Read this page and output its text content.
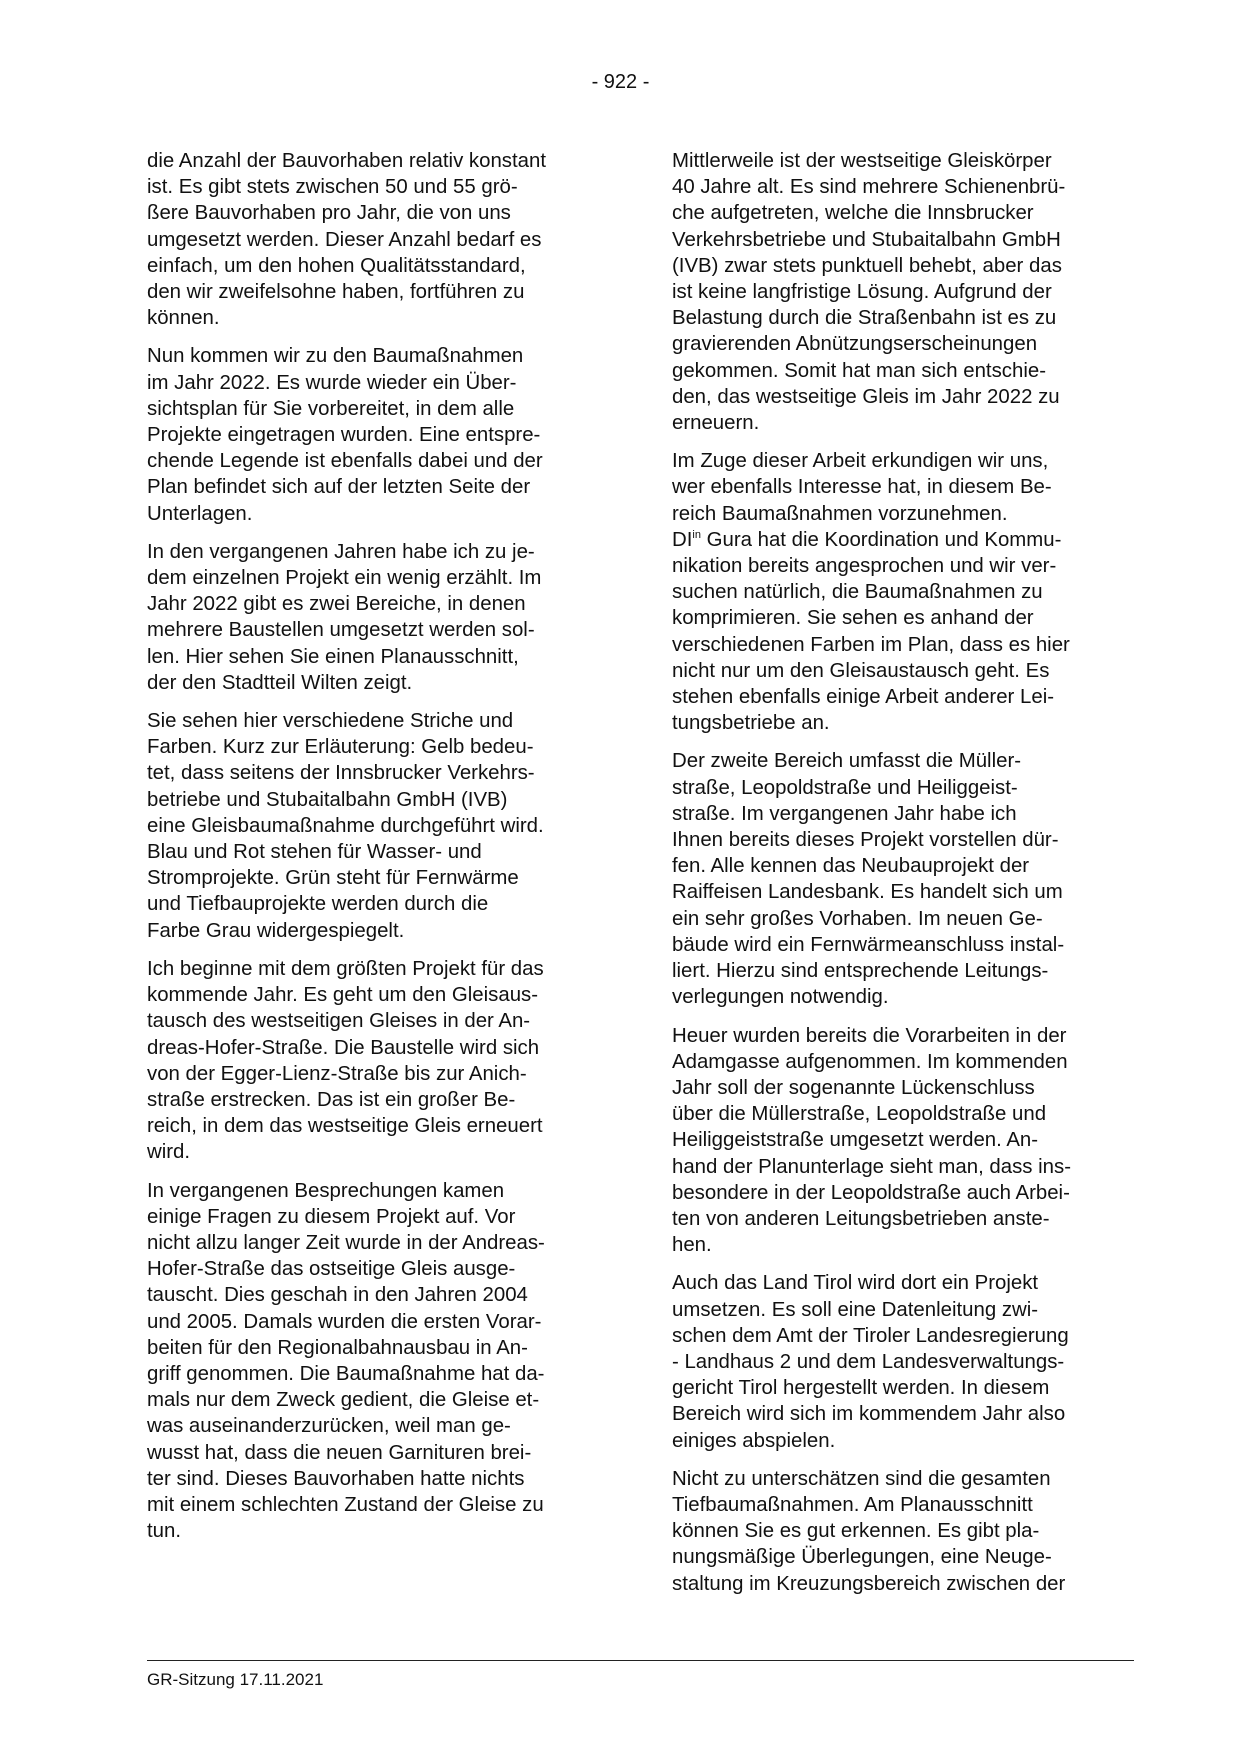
- 922 -

die Anzahl der Bauvorhaben relativ konstant
ist. Es gibt stets zwischen 50 und 55 grö-
ßere Bauvorhaben pro Jahr, die von uns
umgesetzt werden. Dieser Anzahl bedarf es
einfach, um den hohen Qualitätsstandard,
den wir zweifelsohne haben, fortführen zu
können.

Nun kommen wir zu den Baumaßnahmen
im Jahr 2022. Es wurde wieder ein Über-
sichtsplan für Sie vorbereitet, in dem alle
Projekte eingetragen wurden. Eine entspre-
chende Legende ist ebenfalls dabei und der
Plan befindet sich auf der letzten Seite der
Unterlagen.

In den vergangenen Jahren habe ich zu je-
dem einzelnen Projekt ein wenig erzählt. Im
Jahr 2022 gibt es zwei Bereiche, in denen
mehrere Baustellen umgesetzt werden sol-
len. Hier sehen Sie einen Planausschnitt,
der den Stadtteil Wilten zeigt.

Sie sehen hier verschiedene Striche und
Farben. Kurz zur Erläuterung: Gelb bedeu-
tet, dass seitens der Innsbrucker Verkehrs-
betriebe und Stubaitalbahn GmbH (IVB)
eine Gleisbaumaßnahme durchgeführt wird.
Blau und Rot stehen für Wasser- und
Stromprojekte. Grün steht für Fernwärme
und Tiefbauprojekte werden durch die
Farbe Grau widergespiegelt.

Ich beginne mit dem größten Projekt für das
kommende Jahr. Es geht um den Gleisaus-
tausch des westseitigen Gleises in der An-
dreas-Hofer-Straße. Die Baustelle wird sich
von der Egger-Lienz-Straße bis zur Anich-
straße erstrecken. Das ist ein großer Be-
reich, in dem das westseitige Gleis erneuert
wird.

In vergangenen Besprechungen kamen
einige Fragen zu diesem Projekt auf. Vor
nicht allzu langer Zeit wurde in der Andreas-
Hofer-Straße das ostseitige Gleis ausge-
tauscht. Dies geschah in den Jahren 2004
und 2005. Damals wurden die ersten Vorar-
beiten für den Regionalbahnausbau in An-
griff genommen. Die Baumaßnahme hat da-
mals nur dem Zweck gedient, die Gleise et-
was auseinanderzurücken, weil man ge-
wusst hat, dass die neuen Garnituren brei-
ter sind. Dieses Bauvorhaben hatte nichts
mit einem schlechten Zustand der Gleise zu
tun.

Mittlerweile ist der westseitige Gleiskörper
40 Jahre alt. Es sind mehrere Schienenbrü-
che aufgetreten, welche die Innsbrucker
Verkehrsbetriebe und Stubaitalbahn GmbH
(IVB) zwar stets punktuell behebt, aber das
ist keine langfristige Lösung. Aufgrund der
Belastung durch die Straßenbahn ist es zu
gravierenden Abnützungserscheinungen
gekommen. Somit hat man sich entschie-
den, das westseitige Gleis im Jahr 2022 zu
erneuern.

Im Zuge dieser Arbeit erkundigen wir uns,
wer ebenfalls Interesse hat, in diesem Be-
reich Baumaßnahmen vorzunehmen.
$DI^{in}$ Gura hat die Koordination und Kommu-
nikation bereits angesprochen und wir ver-
suchen natürlich, die Baumaßnahmen zu
komprimieren. Sie sehen es anhand der
verschiedenen Farben im Plan, dass es hier
nicht nur um den Gleisaustausch geht. Es
stehen ebenfalls einige Arbeit anderer Lei-
tungsbetriebe an.

Der zweite Bereich umfasst die Müller-
straße, Leopoldstraße und Heiliggeist-
straße. Im vergangenen Jahr habe ich
Ihnen bereits dieses Projekt vorstellen dür-
fen. Alle kennen das Neubauprojekt der
Raiffeisen Landesbank. Es handelt sich um
ein sehr großes Vorhaben. Im neuen Ge-
bäude wird ein Fernwärmeanschluss instal-
liert. Hierzu sind entsprechende Leitungs-
verlegungen notwendig.

Heuer wurden bereits die Vorarbeiten in der
Adamgasse aufgenommen. Im kommenden
Jahr soll der sogenannte Lückenschluss
über die Müllerstraße, Leopoldstraße und
Heiliggeiststraße umgesetzt werden. An-
hand der Planunterlage sieht man, dass ins-
besondere in der Leopoldstraße auch Arbei-
ten von anderen Leitungsbetrieben anste-
hen.

Auch das Land Tirol wird dort ein Projekt
umsetzen. Es soll eine Datenleitung zwi-
schen dem Amt der Tiroler Landesregierung
- Landhaus 2 und dem Landesverwaltungs-
gericht Tirol hergestellt werden. In diesem
Bereich wird sich im kommendem Jahr also
einiges abspielen.

Nicht zu unterschätzen sind die gesamten
Tiefbaumaßnahmen. Am Planausschnitt
können Sie es gut erkennen. Es gibt pla-
nungsmäßige Überlegungen, eine Neuge-
staltung im Kreuzungsbereich zwischen der

GR-Sitzung 17.11.2021
